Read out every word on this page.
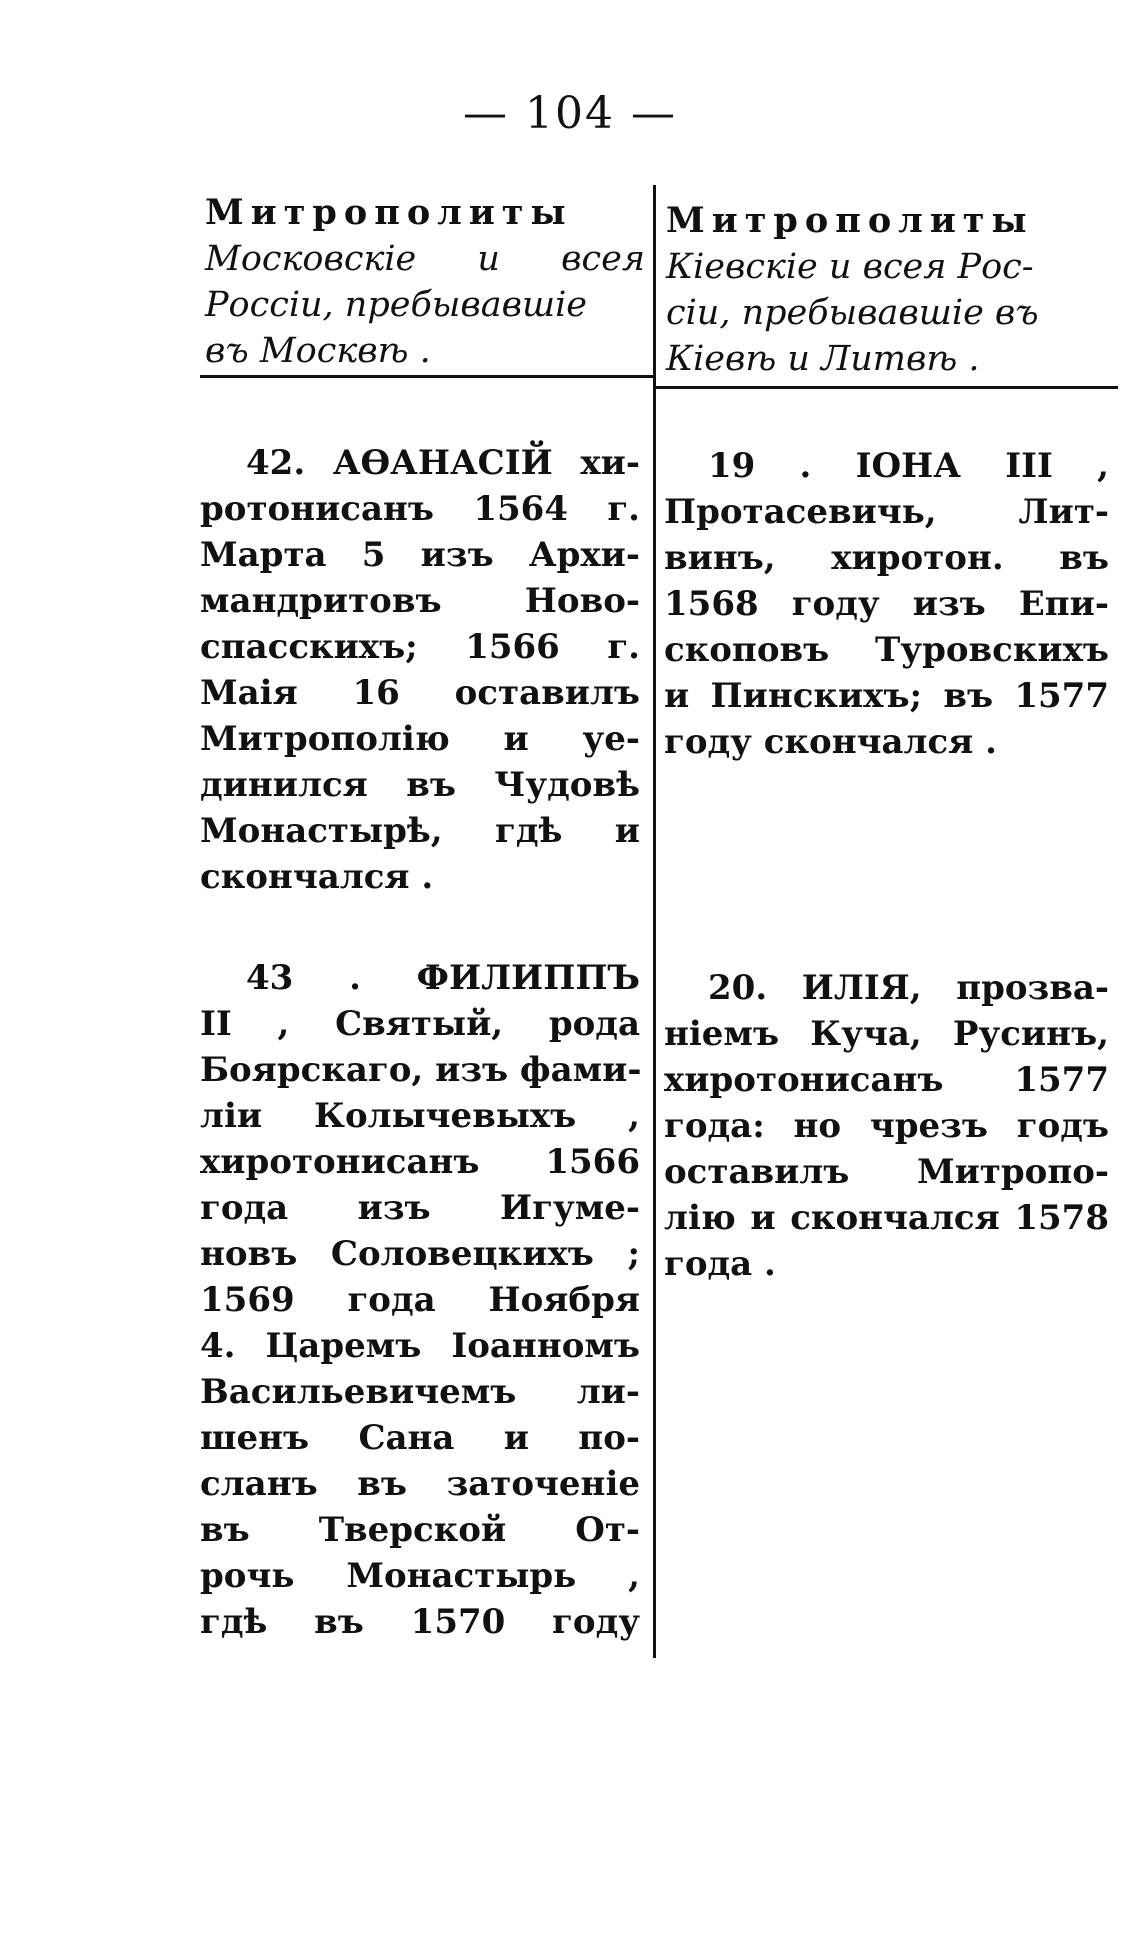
— 104 —
Митрополиты
Московскіе и всея
Россіи, пребывавшіе
въ Москвѣ .
Митрополиты
Кіевскіе и всея Рос-
сіи, пребывавшіе въ
Кіевѣ и Литвѣ .
42. АѲАНАСІЙ хи-
ротонисанъ 1564 г.
Марта 5 изъ Архи-
мандритовъ Ново-
спасскихъ; 1566 г.
Маія 16 оставилъ
Митрополію и уе-
динился въ Чудовѣ
Монастырѣ, гдѣ и
скончался .
43 . ФИЛИППЪ
II , Святый, рода
Боярскаго, изъ фами-
ліи Колычевыхъ ,
хиротонисанъ 1566
года изъ Игуме-
новъ Соловецкихъ ;
1569 года Ноября
4. Царемъ Іоанномъ
Васильевичемъ ли-
шенъ Сана и по-
сланъ въ заточеніе
въ Тверской От-
рочь Монастырь ,
гдѣ въ 1570 году
19 . ІОНА III ,
Протасевичь, Лит-
винъ, хиротон. въ
1568 году изъ Епи-
скоповъ Туровскихъ
и Пинскихъ; въ 1577
году скончался .
20. ИЛІЯ, прозва-
ніемъ Куча, Русинъ,
хиротонисанъ 1577
года: но чрезъ годъ
оставилъ Митропо-
лію и скончался 1578
года .
